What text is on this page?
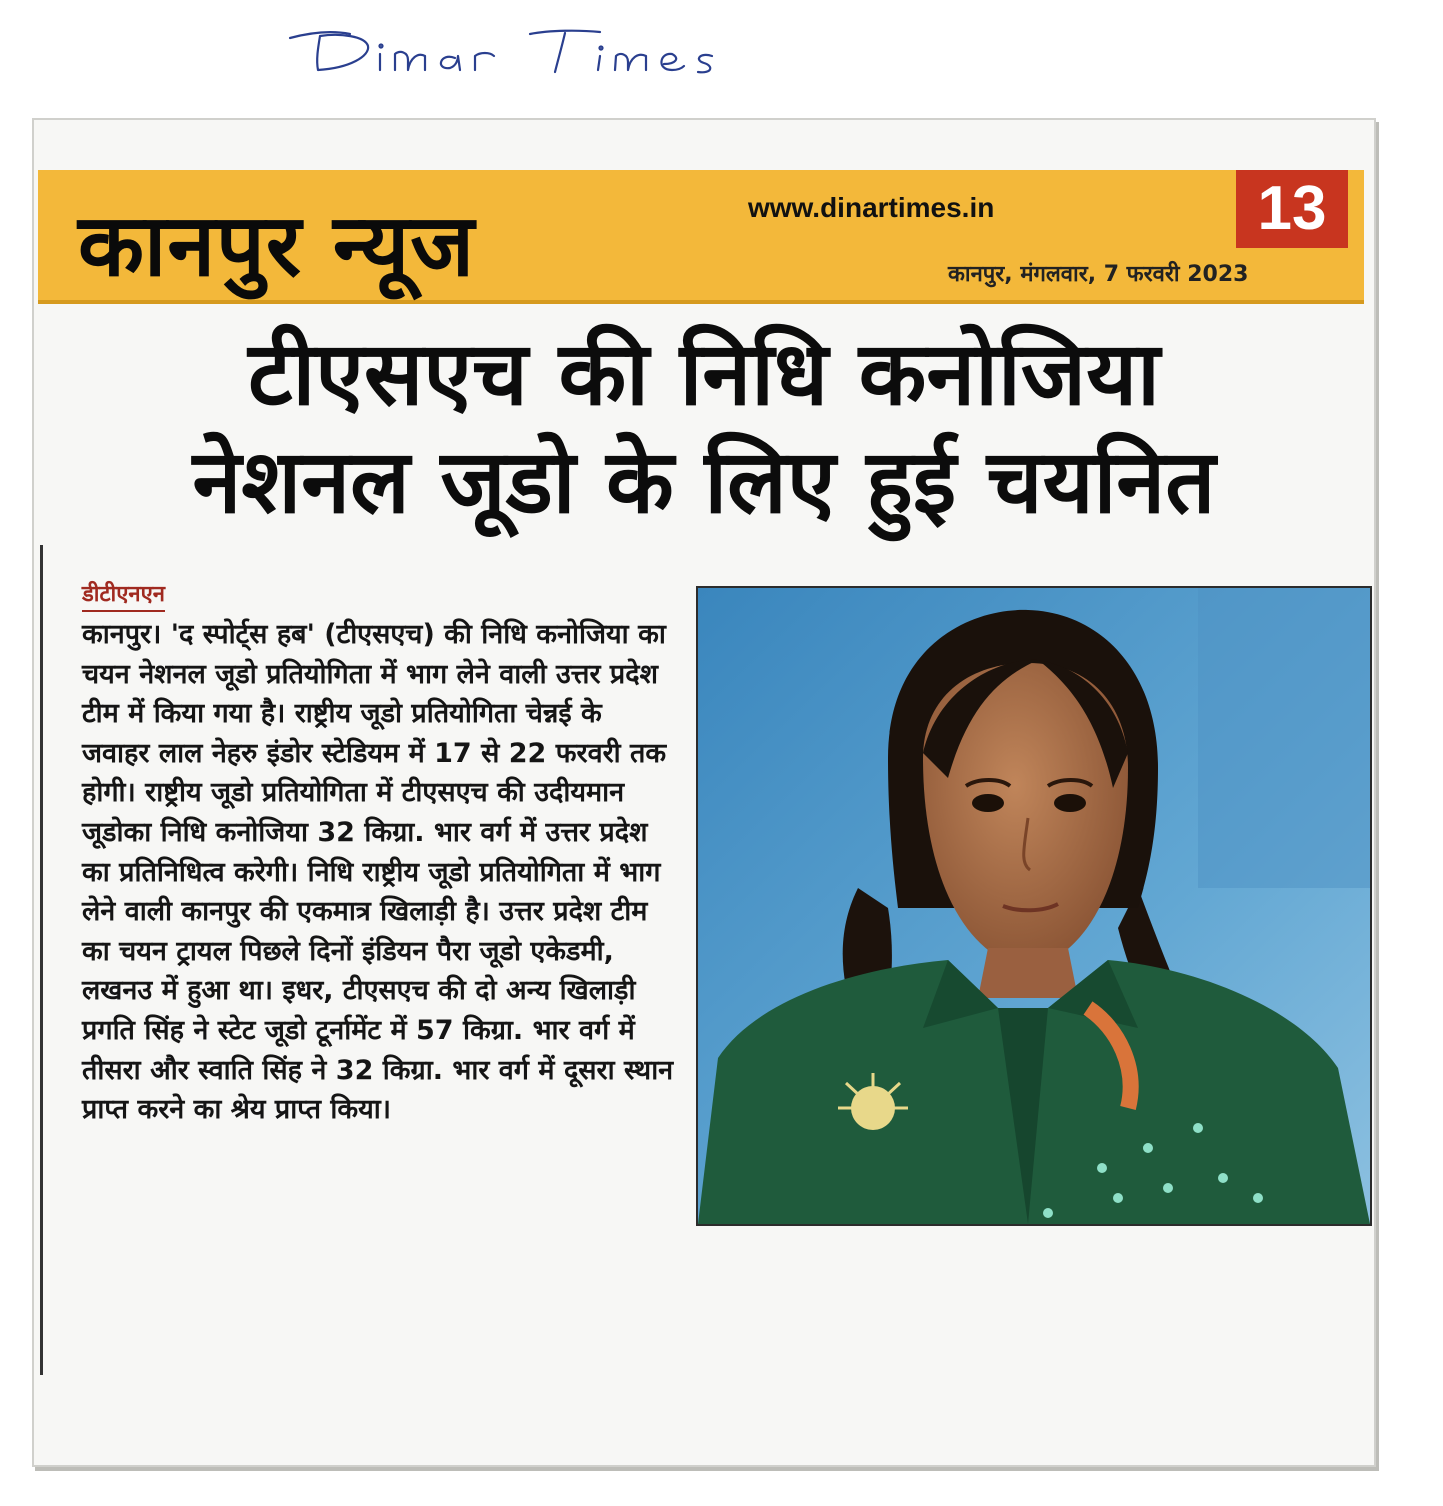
कानपुर न्यूज	www.dinartimes.in	13
कानपुर, मंगलवार, 7 फरवरी 2023
टीएसएच की निधि कनोजिया
नेशनल जूडो के लिए हुई चयनित
डीटीएनएन
कानपुर। 'द स्पोर्ट्स हब' (टीएसएच) की निधि कनोजिया का चयन नेशनल जूडो प्रतियोगिता में भाग लेने वाली उत्तर प्रदेश टीम में किया गया है। राष्ट्रीय जूडो प्रतियोगिता चेन्नई के जवाहर लाल नेहरु इंडोर स्टेडियम में 17 से 22 फरवरी तक होगी। राष्ट्रीय जूडो प्रतियोगिता में टीएसएच की उदीयमान जूडोका निधि कनोजिया 32 किग्रा. भार वर्ग में उत्तर प्रदेश का प्रतिनिधित्व करेगी। निधि राष्ट्रीय जूडो प्रतियोगिता में भाग लेने वाली कानपुर की एकमात्र खिलाड़ी है। उत्तर प्रदेश टीम का चयन ट्रायल पिछले दिनों इंडियन पैरा जूडो एकेडमी, लखनउ में हुआ था। इधर, टीएसएच की दो अन्य खिलाड़ी प्रगति सिंह ने स्टेट जूडो टूर्नामेंट में 57 किग्रा. भार वर्ग में तीसरा और स्वाति सिंह ने 32 किग्रा. भार वर्ग में दूसरा स्थान प्राप्त करने का श्रेय प्राप्त किया।
